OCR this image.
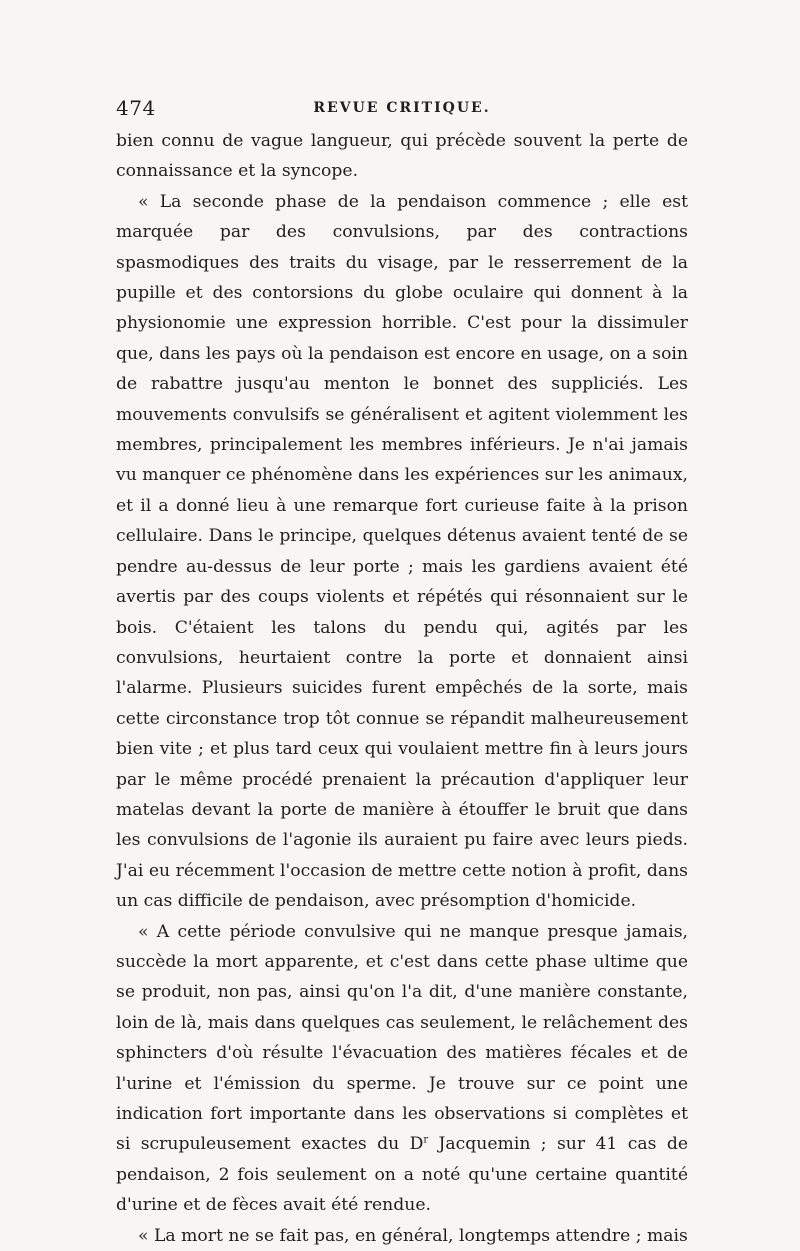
474	REVUE CRITIQUE.

bien connu de vague langueur, qui précède souvent la perte de connaissance et la syncope.

« La seconde phase de la pendaison commence ; elle est marquée par des convulsions, par des contractions spasmodiques des traits du visage, par le resserrement de la pupille et des contorsions du globe oculaire qui donnent à la physionomie une expression horrible. C'est pour la dissimuler que, dans les pays où la pendaison est encore en usage, on a soin de rabattre jusqu'au menton le bonnet des suppliciés. Les mouvements convulsifs se généralisent et agitent violemment les membres, principalement les membres inférieurs. Je n'ai jamais vu manquer ce phénomène dans les expériences sur les animaux, et il a donné lieu à une remarque fort curieuse faite à la prison cellulaire. Dans le principe, quelques détenus avaient tenté de se pendre au-dessus de leur porte ; mais les gardiens avaient été avertis par des coups violents et répétés qui résonnaient sur le bois. C'étaient les talons du pendu qui, agités par les convulsions, heurtaient contre la porte et donnaient ainsi l'alarme. Plusieurs suicides furent empêchés de la sorte, mais cette circonstance trop tôt connue se répandit malheureusement bien vite ; et plus tard ceux qui voulaient mettre fin à leurs jours par le même procédé prenaient la précaution d'appliquer leur matelas devant la porte de manière à étouffer le bruit que dans les convulsions de l'agonie ils auraient pu faire avec leurs pieds. J'ai eu récemment l'occasion de mettre cette notion à profit, dans un cas difficile de pendaison, avec présomption d'homicide.

« A cette période convulsive qui ne manque presque jamais, succède la mort apparente, et c'est dans cette phase ultime que se produit, non pas, ainsi qu'on l'a dit, d'une manière constante, loin de là, mais dans quelques cas seulement, le relâchement des sphincters d'où résulte l'évacuation des matières fécales et de l'urine et l'émission du sperme. Je trouve sur ce point une indication fort importante dans les observations si complètes et si scrupuleusement exactes du $D^r$ Jacquemin ; sur 41 cas de pendaison, 2 fois seulement on a noté qu'une certaine quantité d'urine et de fèces avait été rendue.

« La mort ne se fait pas, en général, longtemps attendre ; mais
